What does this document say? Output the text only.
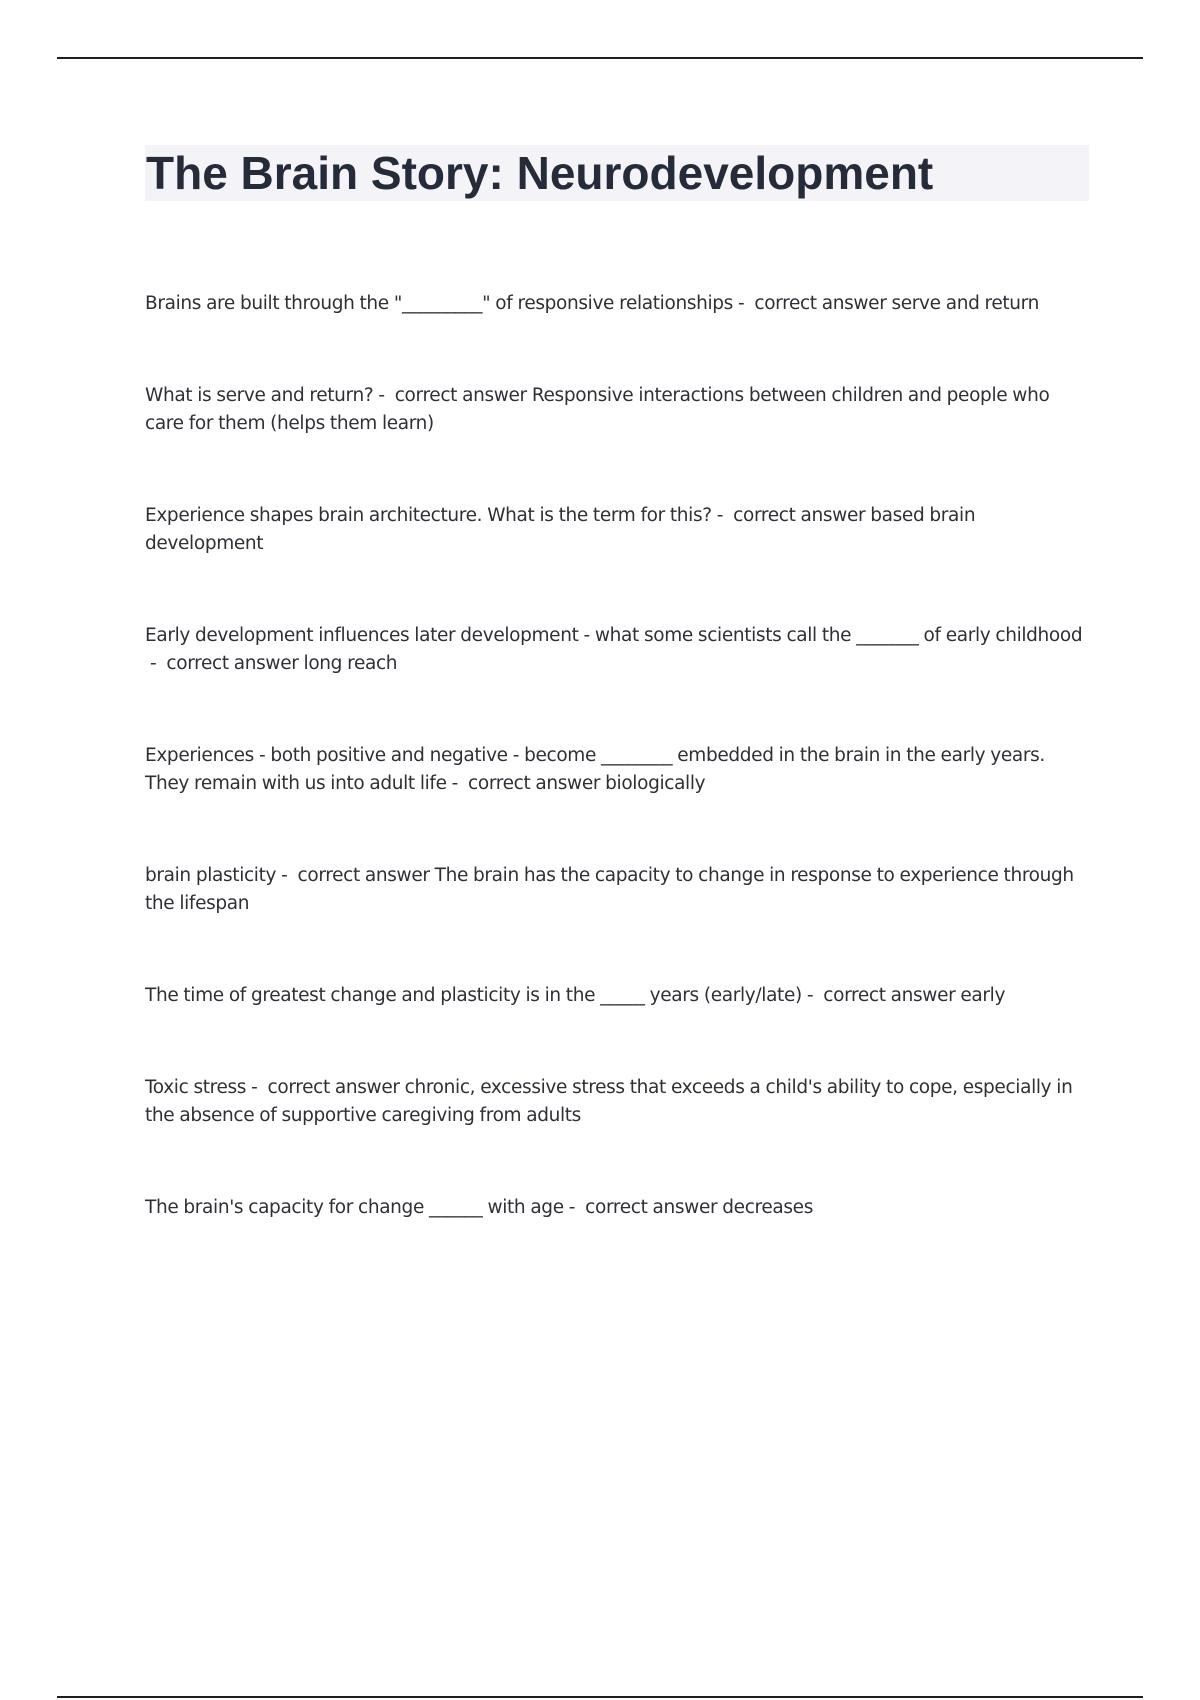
The Brain Story: Neurodevelopment
Brains are built through the "_________" of responsive relationships -  correct answer serve and return
What is serve and return? -  correct answer Responsive interactions between children and people who care for them (helps them learn)
Experience shapes brain architecture. What is the term for this? -  correct answer based brain development
Early development influences later development - what some scientists call the _______ of early childhood -  correct answer long reach
Experiences - both positive and negative - become ________ embedded in the brain in the early years. They remain with us into adult life -  correct answer biologically
brain plasticity -  correct answer The brain has the capacity to change in response to experience through the lifespan
The time of greatest change and plasticity is in the _____ years (early/late) -  correct answer early
Toxic stress -  correct answer chronic, excessive stress that exceeds a child's ability to cope, especially in the absence of supportive caregiving from adults
The brain's capacity for change ______ with age -  correct answer decreases
